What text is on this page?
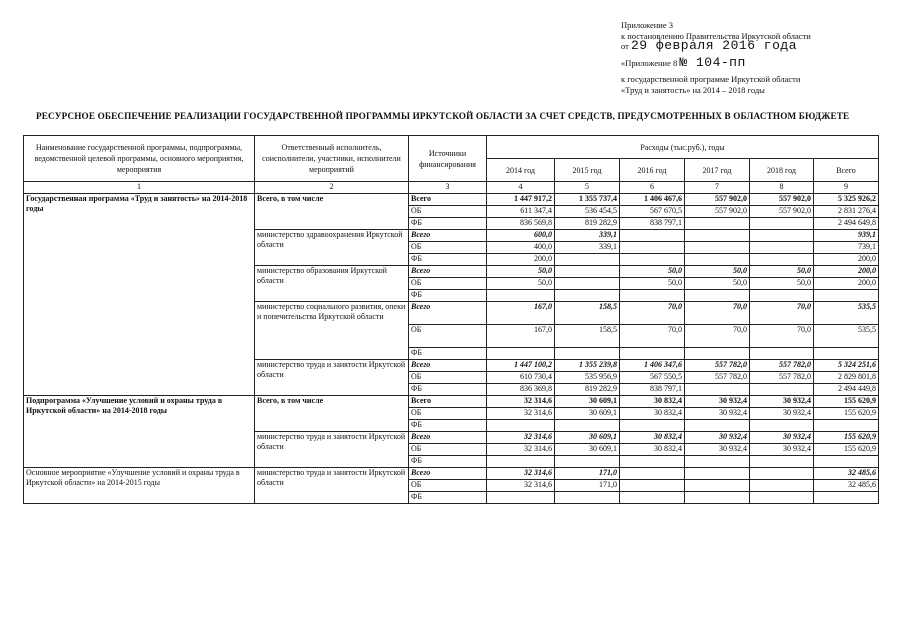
Приложение 3
к постановлению Правительства Иркутской области
от 29 февраля 2016 года
«Приложение 8 № 104-пп
к государственной программе Иркутской области
«Труд и занятость» на 2014 – 2018 годы
РЕСУРСНОЕ ОБЕСПЕЧЕНИЕ РЕАЛИЗАЦИИ ГОСУДАРСТВЕННОЙ ПРОГРАММЫ ИРКУТСКОЙ ОБЛАСТИ ЗА СЧЕТ СРЕДСТВ, ПРЕДУСМОТРЕННЫХ В ОБЛАСТНОМ БЮДЖЕТЕ
Наименование государственной программы, подпрограммы, ведомственной целевой программы, основного мероприятия, мероприятия	Ответственный исполнитель, соисполнители, участники, исполнители мероприятий	Источники финансирования	Расходы (тыс.руб.), годы					
			2014 год	2015 год	2016 год	2017 год	2018 год	Всего
1	2	3	4	5	6	7	8	9
Государственная программа «Труд и занятость» на 2014-2018 годы	Всего, в том числе	Всего	1 447 917,2	1 355 737,4	1 406 467,6	557 902,0	557 902,0	5 325 926,2
		ОБ	611 347,4	536 454,5	567 670,5	557 902,0	557 902,0	2 831 276,4
		ФБ	836 569,8	819 282,9	838 797,1			2 494 649,8
	министерство здравоохранения Иркутской области	Всего	600,0	339,1				939,1
		ОБ	400,0	339,1				739,1
		ФБ	200,0					200,0
	министерство образования Иркутской области	Всего	50,0		50,0	50,0	50,0	200,0
		ОБ	50,0		50,0	50,0	50,0	200,0
		ФБ						
	министерство социального развития, опеки и попечительства Иркутской области	Всего	167,0	158,5	70,0	70,0	70,0	535,5
		ОБ	167,0	158,5	70,0	70,0	70,0	535,5
		ФБ						
	министерство труда и занятости Иркутской области	Всего	1 447 100,2	1 355 239,8	1 406 347,6	557 782,0	557 782,0	5 324 251,6
		ОБ	610 730,4	535 956,9	567 550,5	557 782,0	557 782,0	2 829 801,8
		ФБ	836 369,8	819 282,9	838 797,1			2 494 449,8
Подпрограмма «Улучшение условий и охраны труда в Иркутской области» на 2014-2018 годы	Всего, в том числе	Всего	32 314,6	30 609,1	30 832,4	30 932,4	30 932,4	155 620,9
		ОБ	32 314,6	30 609,1	30 832,4	30 932,4	30 932,4	155 620,9
		ФБ						
	министерство труда и занятости Иркутской области	Всего	32 314,6	30 609,1	30 832,4	30 932,4	30 932,4	155 620,9
		ОБ	32 314,6	30 609,1	30 832,4	30 932,4	30 932,4	155 620,9
		ФБ						
Основное мероприятие «Улучшение условий и охраны труда в Иркутской области» на 2014-2015 годы	министерство труда и занятости Иркутской области	Всего	32 314,6	171,0				32 485,6
		ОБ	32 314,6	171,0				32 485,6
		ФБ						
